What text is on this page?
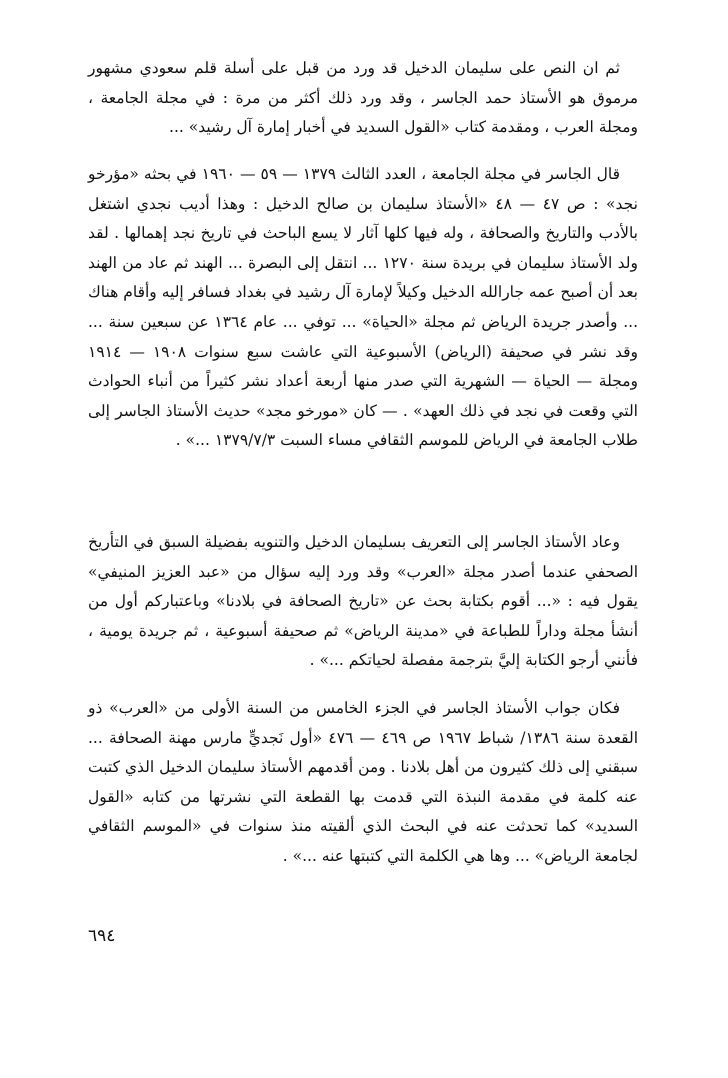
ثم ان النص على سليمان الدخيل قد ورد من قبل على أسلة قلم سعودي مشهور مرموق هو الأستاذ حمد الجاسر ، وقد ورد ذلك أكثر من مرة : في مجلة الجامعة ، ومجلة العرب ، ومقدمة كتاب «القول السديد في أخبار إمارة آل رشيد» ...

قال الجاسر في مجلة الجامعة ، العدد الثالث ١٣٧٩ — ٥٩ — ١٩٦٠ في بحثه «مؤرخو نجد» : ص ٤٧ — ٤٨ «الأستاذ سليمان بن صالح الدخيل : وهذا أديب نجدي اشتغل بالأدب والتاريخ والصحافة ، وله فيها كلها آثار لا يسع الباحث في تاريخ نجد إهمالها . لقد ولد الأستاذ سليمان في بريدة سنة ١٢٧٠ ... انتقل إلى البصرة ... الهند ثم عاد من الهند بعد أن أصبح عمه جارالله الدخيل وكيلاً لإمارة آل رشيد في بغداد فسافر إليه وأقام هناك ... وأصدر جريدة الرياض ثم مجلة «الحياة» ... توفي ... عام ١٣٦٤ عن سبعين سنة ... وقد نشر في صحيفة (الرياض) الأسبوعية التي عاشت سبع سنوات ١٩٠٨ — ١٩١٤ ومجلة — الحياة — الشهرية التي صدر منها أربعة أعداد نشر كثيراً من أنباء الحوادث التي وقعت في نجد في ذلك العهد» . — كان «مورخو مجد» حديث الأستاذ الجاسر إلى طلاب الجامعة في الرياض للموسم الثقافي مساء السبت ١٣٧٩/٧/٣ ...» .

وعاد الأستاذ الجاسر إلى التعريف بسليمان الدخيل والتنويه بفضيلة السبق في التأريخ الصحفي عندما أصدر مجلة «العرب» وقد ورد إليه سؤال من «عبد العزيز المنيفي» يقول فيه : «... أقوم بكتابة بحث عن «تاريخ الصحافة في بلادنا» وباعتباركم أول من أنشأ مجلة وداراً للطباعة في «مدينة الرياض» ثم صحيفة أسبوعية ، ثم جريدة يومية ، فأنني أرجو الكتابة إليَّ بترجمة مفصلة لحياتكم ...» .

فكان جواب الأستاذ الجاسر في الجزء الخامس من السنة الأولى من «العرب» ذو القعدة سنة ١٣٨٦/ شباط ١٩٦٧ ص ٤٦٩ — ٤٧٦ «أول نَجديٍّ مارس مهنة الصحافة ... سبقني إلى ذلك كثيرون من أهل بلادنا . ومن أقدمهم الأستاذ سليمان الدخيل الذي كتبت عنه كلمة في مقدمة النبذة التي قدمت بها القطعة التي نشرتها من كتابه «القول السديد» كما تحدثت عنه في البحث الذي ألقيته منذ سنوات في «الموسم الثقافي لجامعة الرياض» ... وها هي الكلمة التي كتبتها عنه ...» .

٦٩٤
